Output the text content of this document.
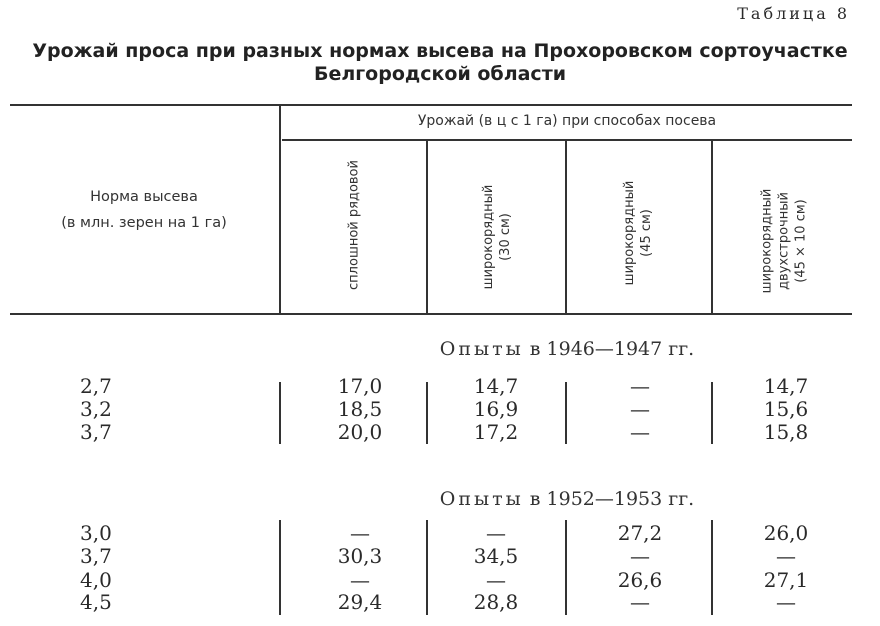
Таблица 8
Урожай проса при разных нормах высева на Прохоровском сортоучастке
Белгородской области
Норма высева
(в млн. зерен на 1 га)
Урожай (в ц с 1 га) при способах посева
сплошной рядовой	широкорядный (30 см)	широкорядный (45 см)	широкорядный двухстрочный (45 × 10 см)
Опыты в 1946—1947 гг.
2,7	17,0	14,7	—	14,7
3,2	18,5	16,9	—	15,6
3,7	20,0	17,2	—	15,8
Опыты в 1952—1953 гг.
3,0	—	—	27,2	26,0
3,7	30,3	34,5	—	—
4,0	—	—	26,6	27,1
4,5	29,4	28,8	—	—
